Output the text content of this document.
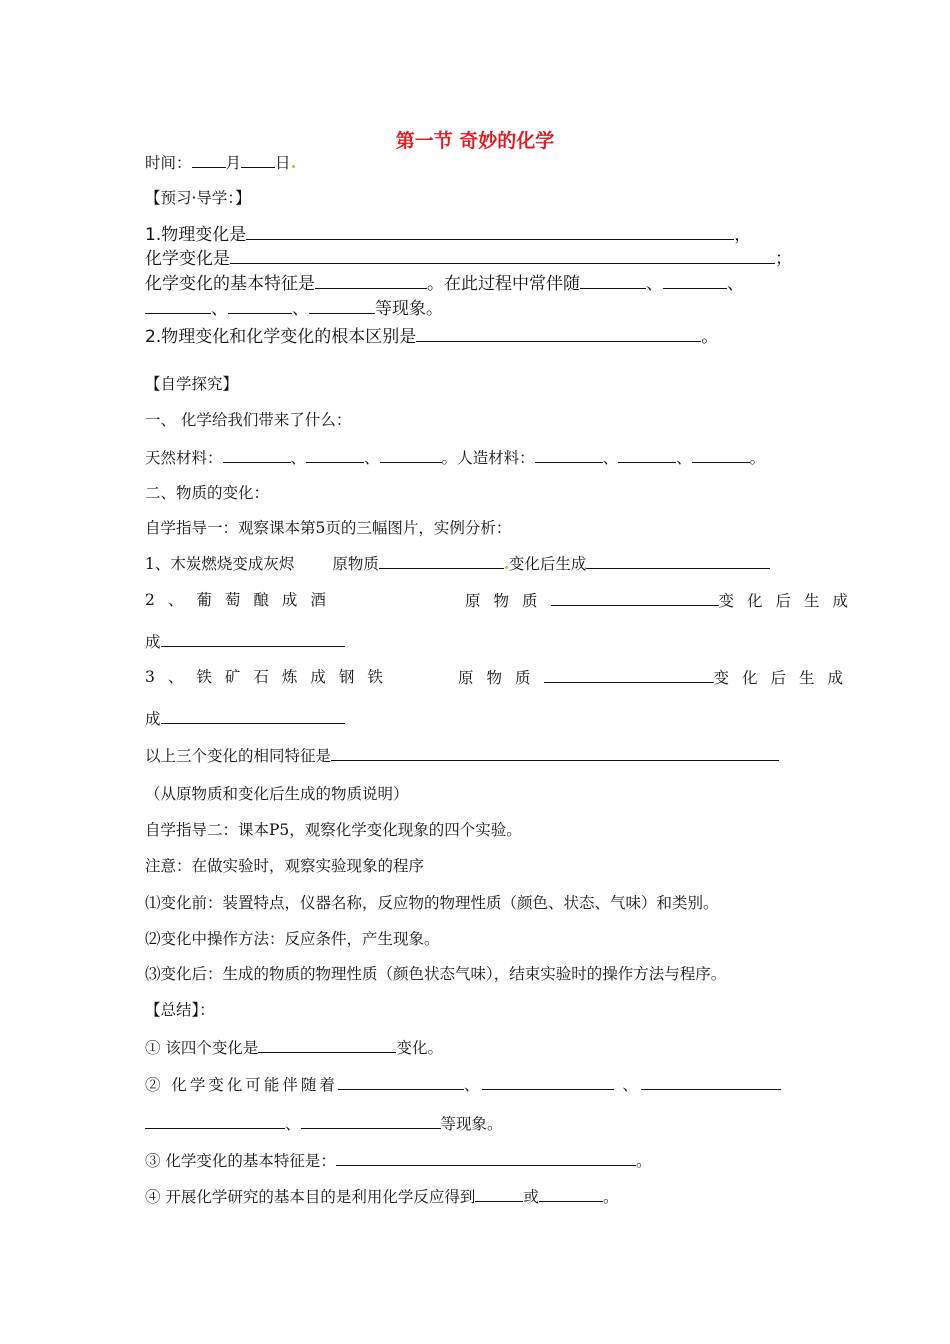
第一节 奇妙的化学
时间： 月 日
【预习·导学：】
1.物理变化是	，
化学变化是	；
化学变化的基本特征是	。在此过程中常伴随	、	、
、	、	等现象。
2.物理变化和化学变化的根本区别是	。
【自学探究】
一、 化学给我们带来了什么：
天然材料：	、	、	。人造材料：	、	、	。
二、物质的变化：
自学指导一：观察课本第5页的三幅图片，实例分析：
1、木炭燃烧变成灰烬 原物质	变化后生成
2、葡萄酿成酒	原物质	变化后生成
成
3、铁矿石炼成钢铁	原物质	变化后生成
成
以上三个变化的相同特征是
（从原物质和变化后生成的物质说明）
自学指导二：课本P5，观察化学变化现象的四个实验。
注意：在做实验时，观察实验现象的程序
⑴变化前：装置特点，仪器名称，反应物的物理性质（颜色、状态、气味）和类别。
⑵变化中操作方法：反应条件，产生现象。
⑶变化后：生成的物质的物理性质（颜色状态气味），结束实验时的操作方法与程序。
【总结】：
① 该四个变化是	变化。
② 化学变化可能伴随着	、	、
、	等现象。
③ 化学变化的基本特征是：	。
④ 开展化学研究的基本目的是利用化学反应得到	或	。
